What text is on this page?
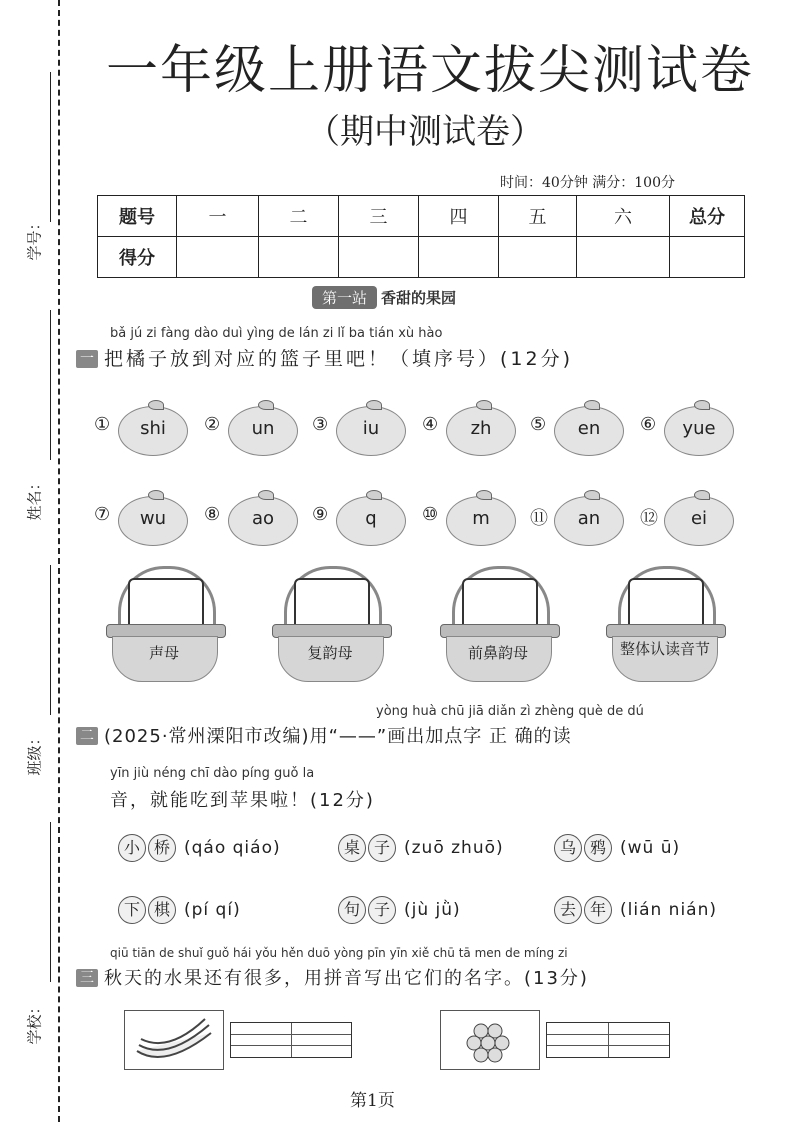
学号：
姓名：
班级：
学校：
一年级上册语文拔尖测试卷
（期中测试卷）
时间：40分钟 满分：100分
题号	一	二	三	四	五	六	总分
得分							
第一站 香甜的果园
bǎ jú zi fàng dào duì yìng de lán zi lǐ ba tián xù hào
一 把橘子放到对应的篮子里吧！（填序号）(12分)
①	shi	②	un	③	iu	④	zh	⑤	en	⑥	yue
⑦	wu	⑧	ao	⑨	q	⑩	m	⑪	an	⑫	ei
声母	复韵母	前鼻韵母	整体认读音节
yòng huà chū jiā diǎn zì zhèng què de dú
二 (2025·常州溧阳市改编)用“——”画出加点字 正 确的读
yīn jiù néng chī dào píng guǒ la
音，就能吃到苹果啦！(12分)
小 桥 (qáo qiáo)	桌 子 (zuō zhuō)	乌 鸦 (wū ū)
下 棋 (pí qí)	句 子 (jù jǜ)	去 年 (lián nián)
qiū tiān de shuǐ guǒ hái yǒu hěn duō yòng pīn yīn xiě chū tā men de míng zi
三 秋天的水果还有很多，用拼音写出它们的名字。(13分)
第1页
